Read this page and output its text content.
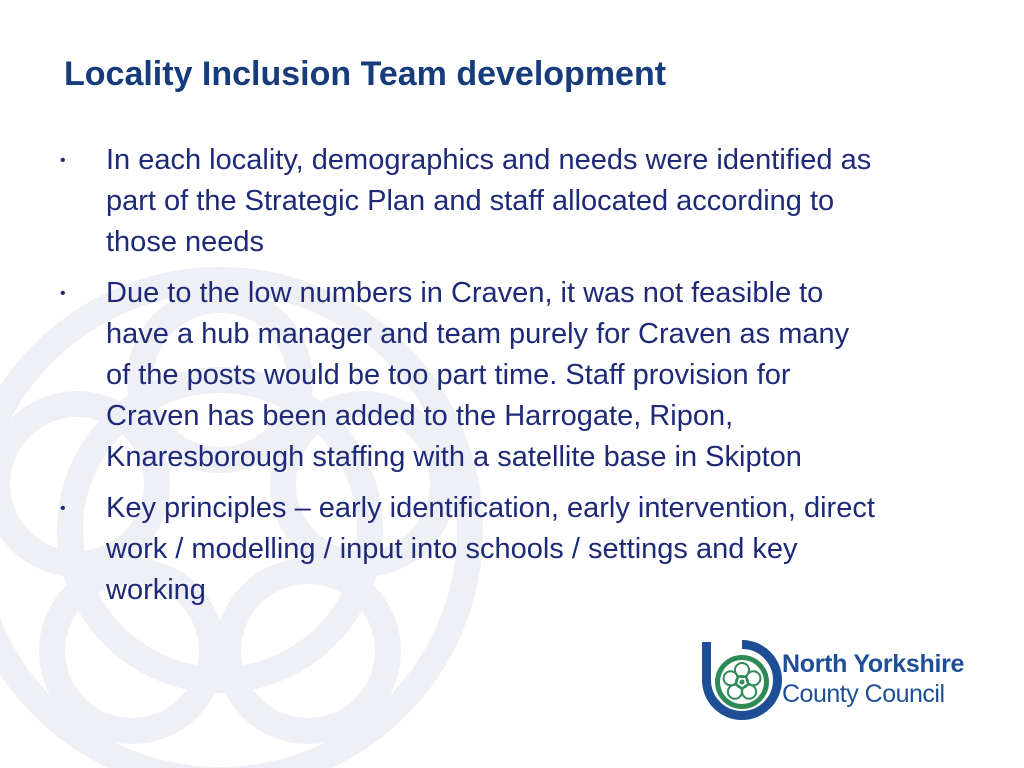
Locality Inclusion Team development
• In each locality, demographics and needs were identified as part of the Strategic Plan and staff allocated according to those needs
• Due to the low numbers in Craven, it was not feasible to have a hub manager and team purely for Craven as many of the posts would be too part time. Staff provision for Craven has been added to the Harrogate, Ripon, Knaresborough staffing with a satellite base in Skipton
• Key principles – early identification, early intervention, direct work / modelling / input into schools / settings and key working
North Yorkshire
County Council
